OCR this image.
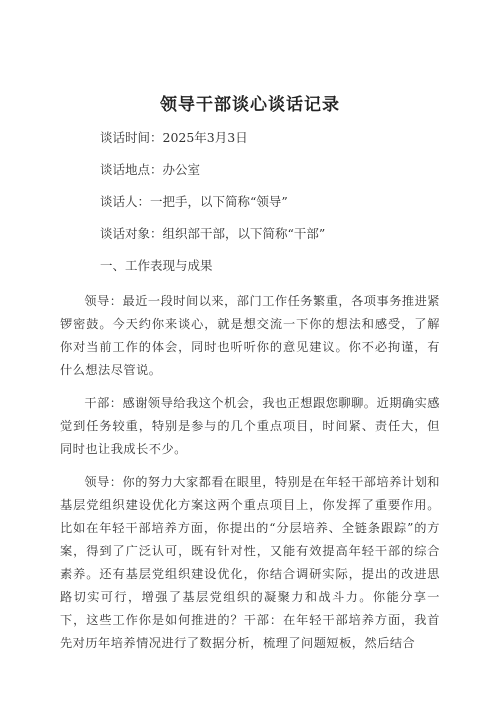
领导干部谈心谈话记录

谈话时间：2025年3月3日

谈话地点：办公室

谈话人：一把手，以下简称“领导”

谈话对象：组织部干部，以下简称“干部”

一、工作表现与成果

领导：最近一段时间以来，部门工作任务繁重，各项事务推进紧锣密鼓。今天约你来谈心，就是想交流一下你的想法和感受，了解你对当前工作的体会，同时也听听你的意见建议。你不必拘谨，有什么想法尽管说。

干部：感谢领导给我这个机会，我也正想跟您聊聊。近期确实感觉到任务较重，特别是参与的几个重点项目，时间紧、责任大，但同时也让我成长不少。

领导：你的努力大家都看在眼里，特别是在年轻干部培养计划和基层党组织建设优化方案这两个重点项目上，你发挥了重要作用。比如在年轻干部培养方面，你提出的“分层培养、全链条跟踪”的方案，得到了广泛认可，既有针对性，又能有效提高年轻干部的综合素养。还有基层党组织建设优化，你结合调研实际，提出的改进思路切实可行，增强了基层党组织的凝聚力和战斗力。你能分享一下，这些工作你是如何推进的？干部：在年轻干部培养方面，我首先对历年培养情况进行了数据分析，梳理了问题短板，然后结合
